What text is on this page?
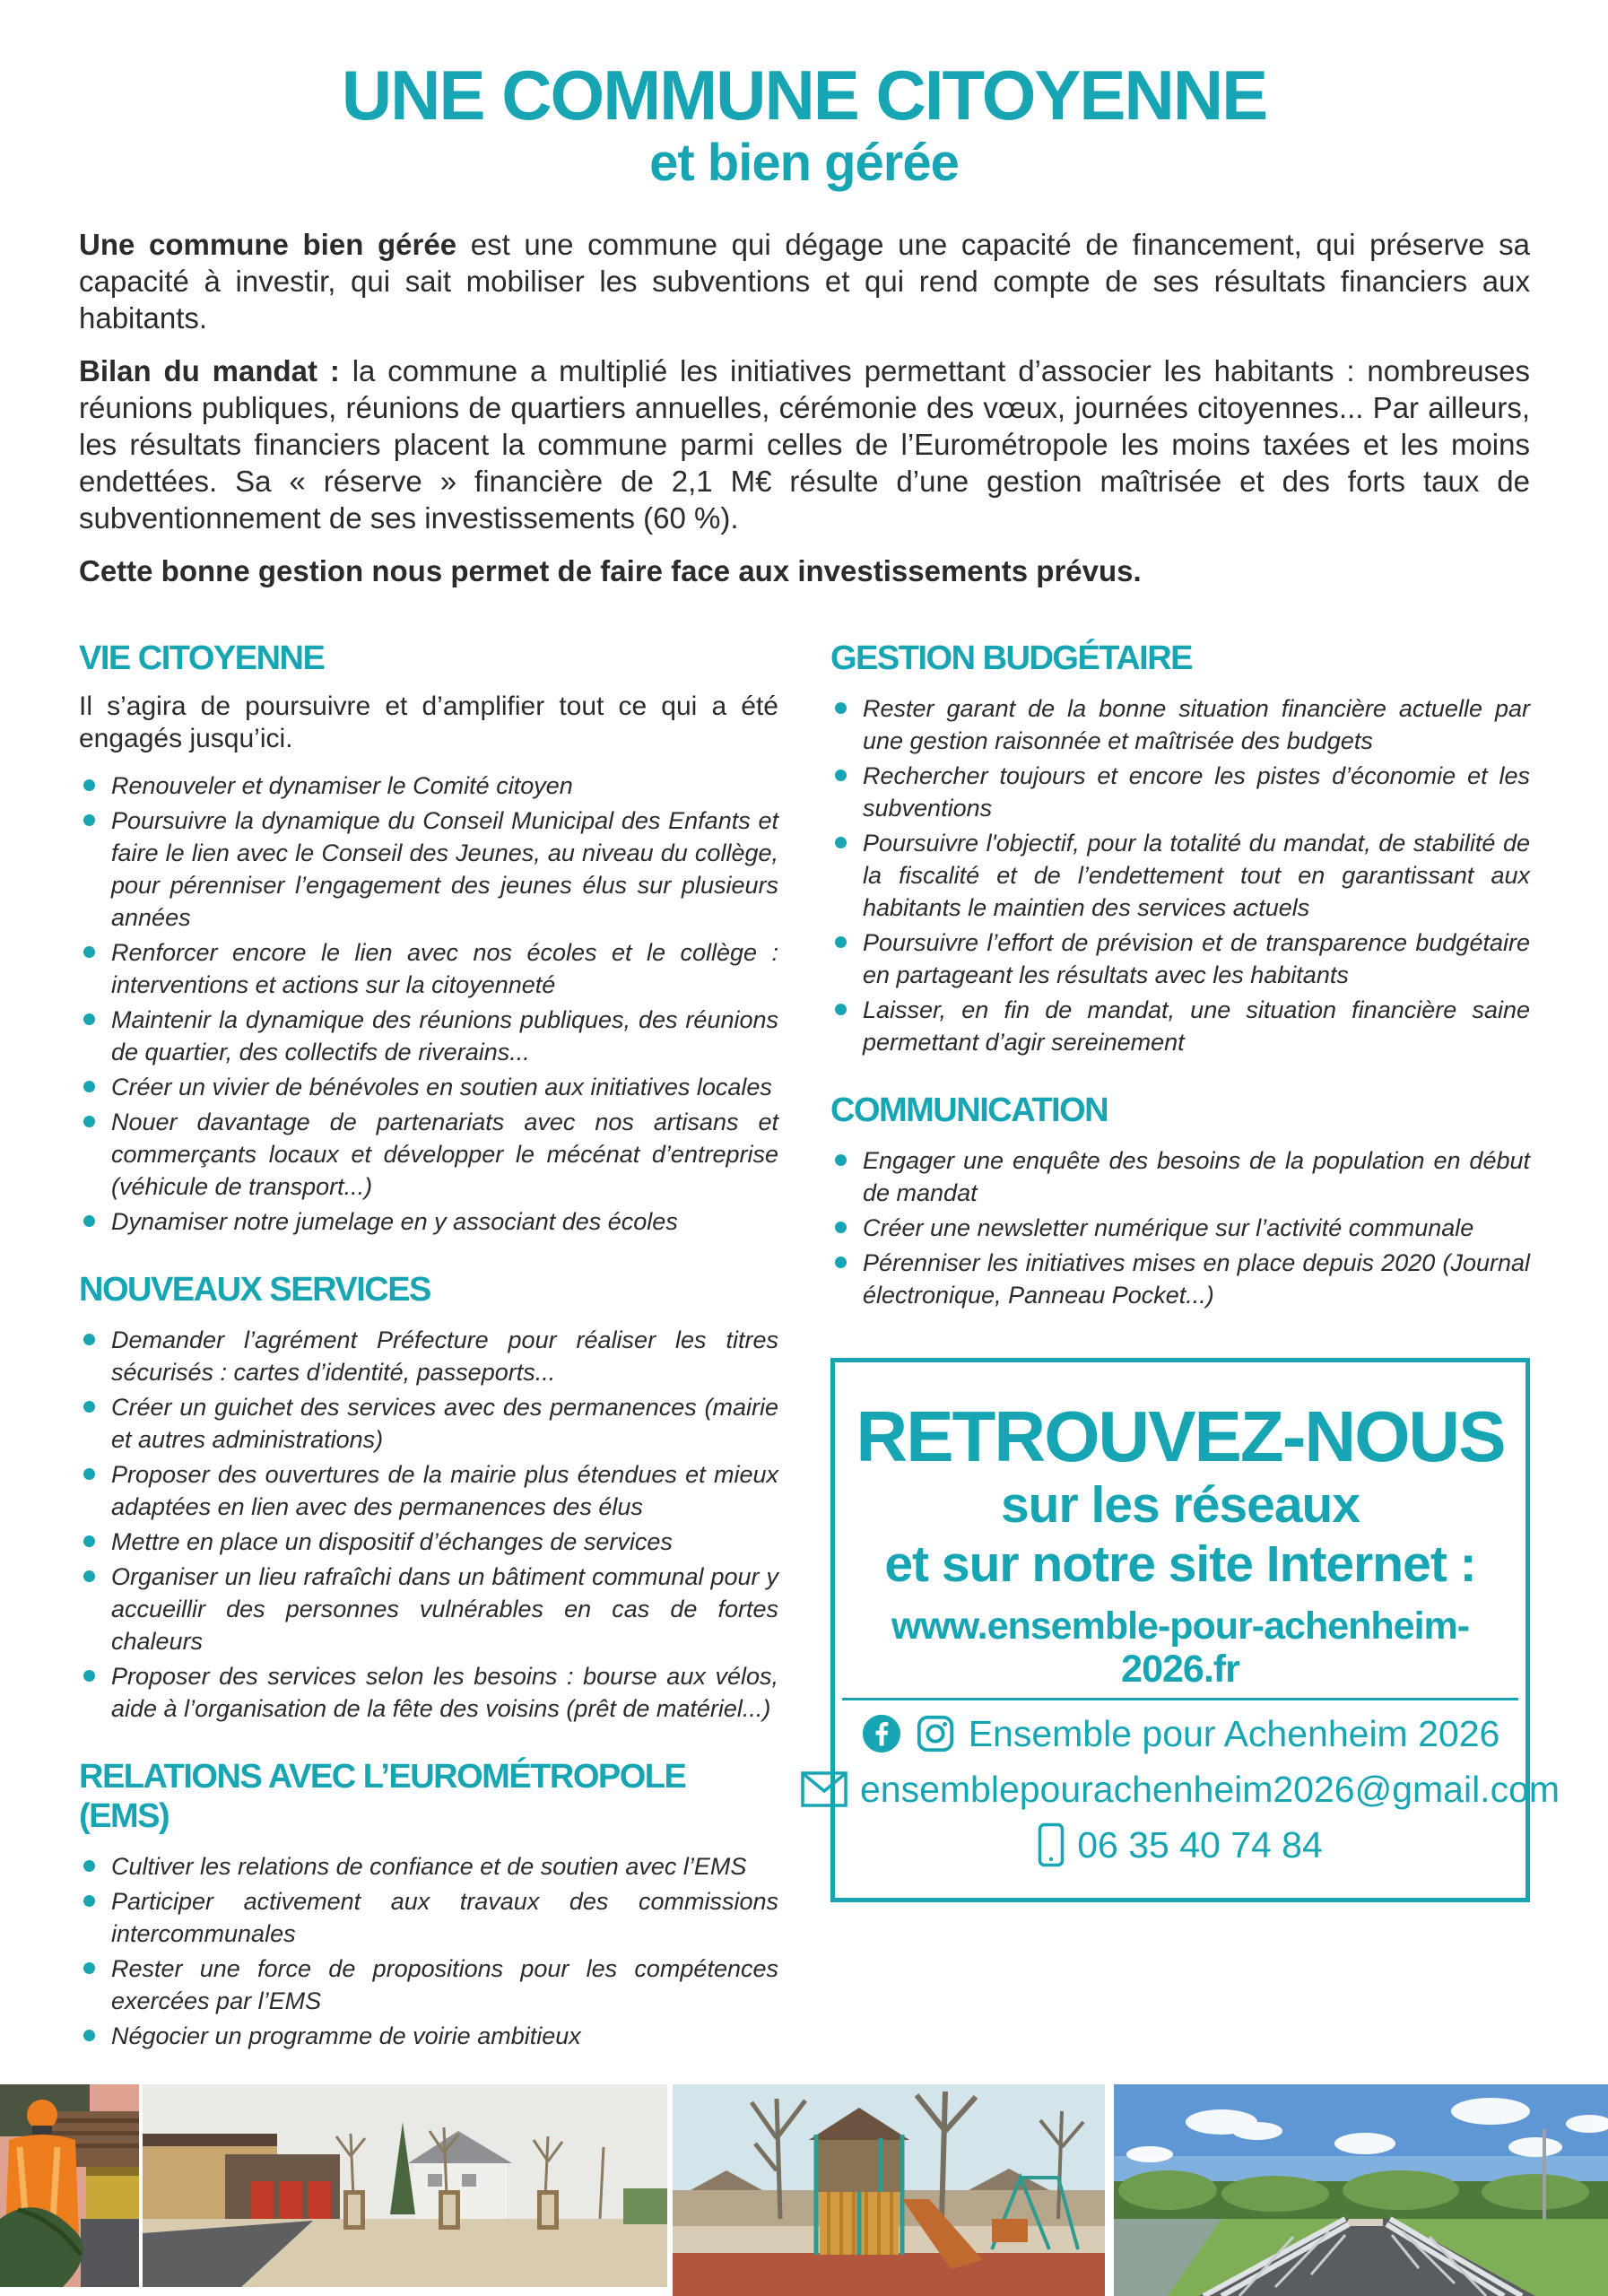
UNE COMMUNE CITOYENNE
et bien gérée

Une commune bien gérée est une commune qui dégage une capacité de financement, qui préserve sa capacité à investir, qui sait mobiliser les subventions et qui rend compte de ses résultats financiers aux habitants.

Bilan du mandat : la commune a multiplié les initiatives permettant d’associer les habitants : nombreuses réunions publiques, réunions de quartiers annuelles, cérémonie des vœux, journées citoyennes... Par ailleurs, les résultats financiers placent la commune parmi celles de l’Eurométropole les moins taxées et les moins endettées. Sa « réserve » financière de 2,1 M€ résulte d’une gestion maîtrisée et des forts taux de subventionnement de ses investissements (60 %).

Cette bonne gestion nous permet de faire face aux investissements prévus.

VIE CITOYENNE

Il s’agira de poursuivre et d’amplifier tout ce qui a été engagés jusqu’ici.

Renouveler et dynamiser le Comité citoyen
Poursuivre la dynamique du Conseil Municipal des Enfants et faire le lien avec le Conseil des Jeunes, au niveau du collège, pour pérenniser l’engagement des jeunes élus sur plusieurs années
Renforcer encore le lien avec nos écoles et le collège : interventions et actions sur la citoyenneté
Maintenir la dynamique des réunions publiques, des réunions de quartier, des collectifs de riverains...
Créer un vivier de bénévoles en soutien aux initiatives locales
Nouer davantage de partenariats avec nos artisans et commerçants locaux et développer le mécénat d’entreprise (véhicule de transport...)
Dynamiser notre jumelage en y associant des écoles
NOUVEAUX SERVICES
Demander l’agrément Préfecture pour réaliser les titres sécurisés : cartes d’identité, passeports...
Créer un guichet des services avec des permanences (mairie et autres administrations)
Proposer des ouvertures de la mairie plus étendues et mieux adaptées en lien avec des permanences des élus
Mettre en place un dispositif d’échanges de services
Organiser un lieu rafraîchi dans un bâtiment communal pour y accueillir des personnes vulnérables en cas de fortes chaleurs
Proposer des services selon les besoins : bourse aux vélos, aide à l’organisation de la fête des voisins (prêt de matériel...)
RELATIONS AVEC L’EUROMÉTROPOLE (EMS)
Cultiver les relations de confiance et de soutien avec l’EMS
Participer activement aux travaux des commissions intercommunales
Rester une force de propositions pour les compétences exercées par l’EMS
Négocier un programme de voirie ambitieux
GESTION BUDGÉTAIRE
Rester garant de la bonne situation financière actuelle par une gestion raisonnée et maîtrisée des budgets
Rechercher toujours et encore les pistes d’économie et les subventions
Poursuivre l'objectif, pour la totalité du mandat, de stabilité de la fiscalité et de l’endettement tout en garantissant aux habitants le maintien des services actuels
Poursuivre l’effort de prévision et de transparence budgétaire en partageant les résultats avec les habitants
Laisser, en fin de mandat, une situation financière saine permettant d’agir sereinement
COMMUNICATION
Engager une enquête des besoins de la population en début de mandat
Créer une newsletter numérique sur l’activité communale
Pérenniser les initiatives mises en place depuis 2020 (Journal électronique, Panneau Pocket...)
RETROUVEZ-NOUS
sur les réseaux
et sur notre site Internet :
www.ensemble-pour-achenheim-2026.fr
Ensemble pour Achenheim 2026
ensemblepourachenheim2026@gmail.com
06 35 40 74 84
